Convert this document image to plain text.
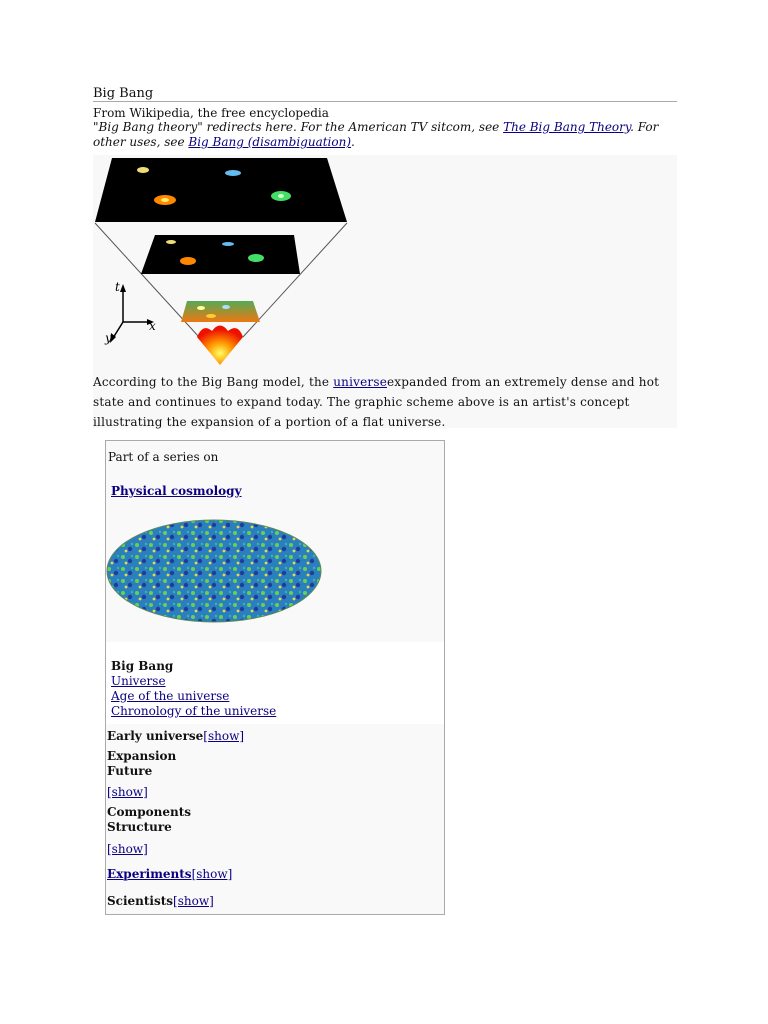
Big Bang
From Wikipedia, the free encyclopedia
"Big Bang theory" redirects here. For the American TV sitcom, see The Big Bang Theory. For other uses, see Big Bang (disambiguation).
t
x
y
According to the Big Bang model, the universeexpanded from an extremely dense and hot state and continues to expand today. The graphic scheme above is an artist's concept illustrating the expansion of a portion of a flat universe.
Part of a series on
Physical cosmology
Big Bang
Universe
Age of the universe
Chronology of the universe
Early universe[show]
Expansion
Future
[show]
Components
Structure
[show]
Experiments[show]
Scientists[show]
